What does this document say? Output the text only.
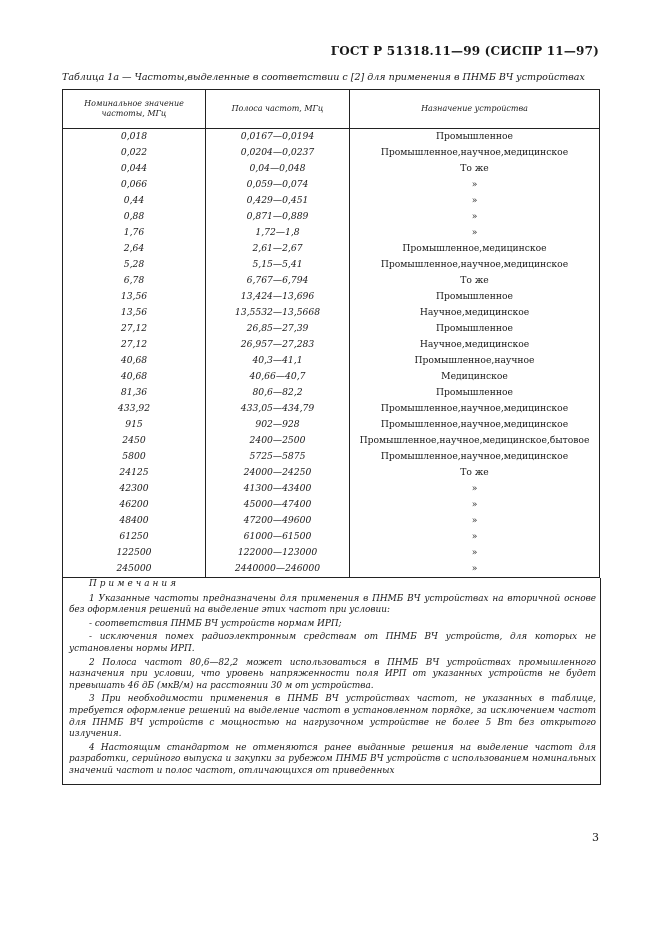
ГОСТ Р 51318.11—99 (СИСПР 11—97)
Таблица 1а — Частоты,выделенные в соответствии с [2] для применения в ПНМБ ВЧ устройствах
Номинальное значение частоты, МГц	Полоса частот, МГц	Назначение устройства
0,018	0,0167—0,0194	Промышленное
0,022	0,0204—0,0237	Промышленное,научное,медицинское
0,044	0,04—0,048	То же
0,066	0,059—0,074	»
0,44	0,429—0,451	»
0,88	0,871—0,889	»
1,76	1,72—1,8	»
2,64	2,61—2,67	Промышленное,медицинское
5,28	5,15—5,41	Промышленное,научное,медицинское
6,78	6,767—6,794	То же
13,56	13,424—13,696	Промышленное
13,56	13,5532—13,5668	Научное,медицинское
27,12	26,85—27,39	Промышленное
27,12	26,957—27,283	Научное,медицинское
40,68	40,3—41,1	Промышленное,научное
40,68	40,66—40,7	Медицинское
81,36	80,6—82,2	Промышленное
433,92	433,05—434,79	Промышленное,научное,медицинское
915	902—928	Промышленное,научное,медицинское
2450	2400—2500	Промышленное,научное,медицинское,бытовое
5800	5725—5875	Промышленное,научное,медицинское
24125	24000—24250	То же
42300	41300—43400	»
46200	45000—47400	»
48400	47200—49600	»
61250	61000—61500	»
122500	122000—123000	»
245000	2440000—246000	»
Примечания

1 Указанные частоты предназначены для применения в ПНМБ ВЧ устройствах на вторичной основе без оформления решений на выделение этих частот при условии:

- соответствия ПНМБ ВЧ устройств нормам ИРП;

- исключения помех радиоэлектронным средствам от ПНМБ ВЧ устройств, для которых не установлены нормы ИРП.

2 Полоса частот 80,6—82,2 может использоваться в ПНМБ ВЧ устройствах промышленного назначения при условии, что уровень напряженности поля ИРП от указанных устройств не будет превышать 46 дБ (мкВ/м) на расстоянии 30 м от устройства.

3 При необходимости применения в ПНМБ ВЧ устройствах частот, не указанных в таблице, требуется оформление решений на выделение частот в установленном порядке, за исключением частот для ПНМБ ВЧ устройств с мощностью на нагрузочном устройстве не более 5 Вт без открытого излучения.

4 Настоящим стандартом не отменяются ранее выданные решения на выделение частот для разработки, серийного выпуска и закупки за рубежом ПНМБ ВЧ устройств с использованием номинальных значений частот и полос частот, отличающихся от приведенных

3
